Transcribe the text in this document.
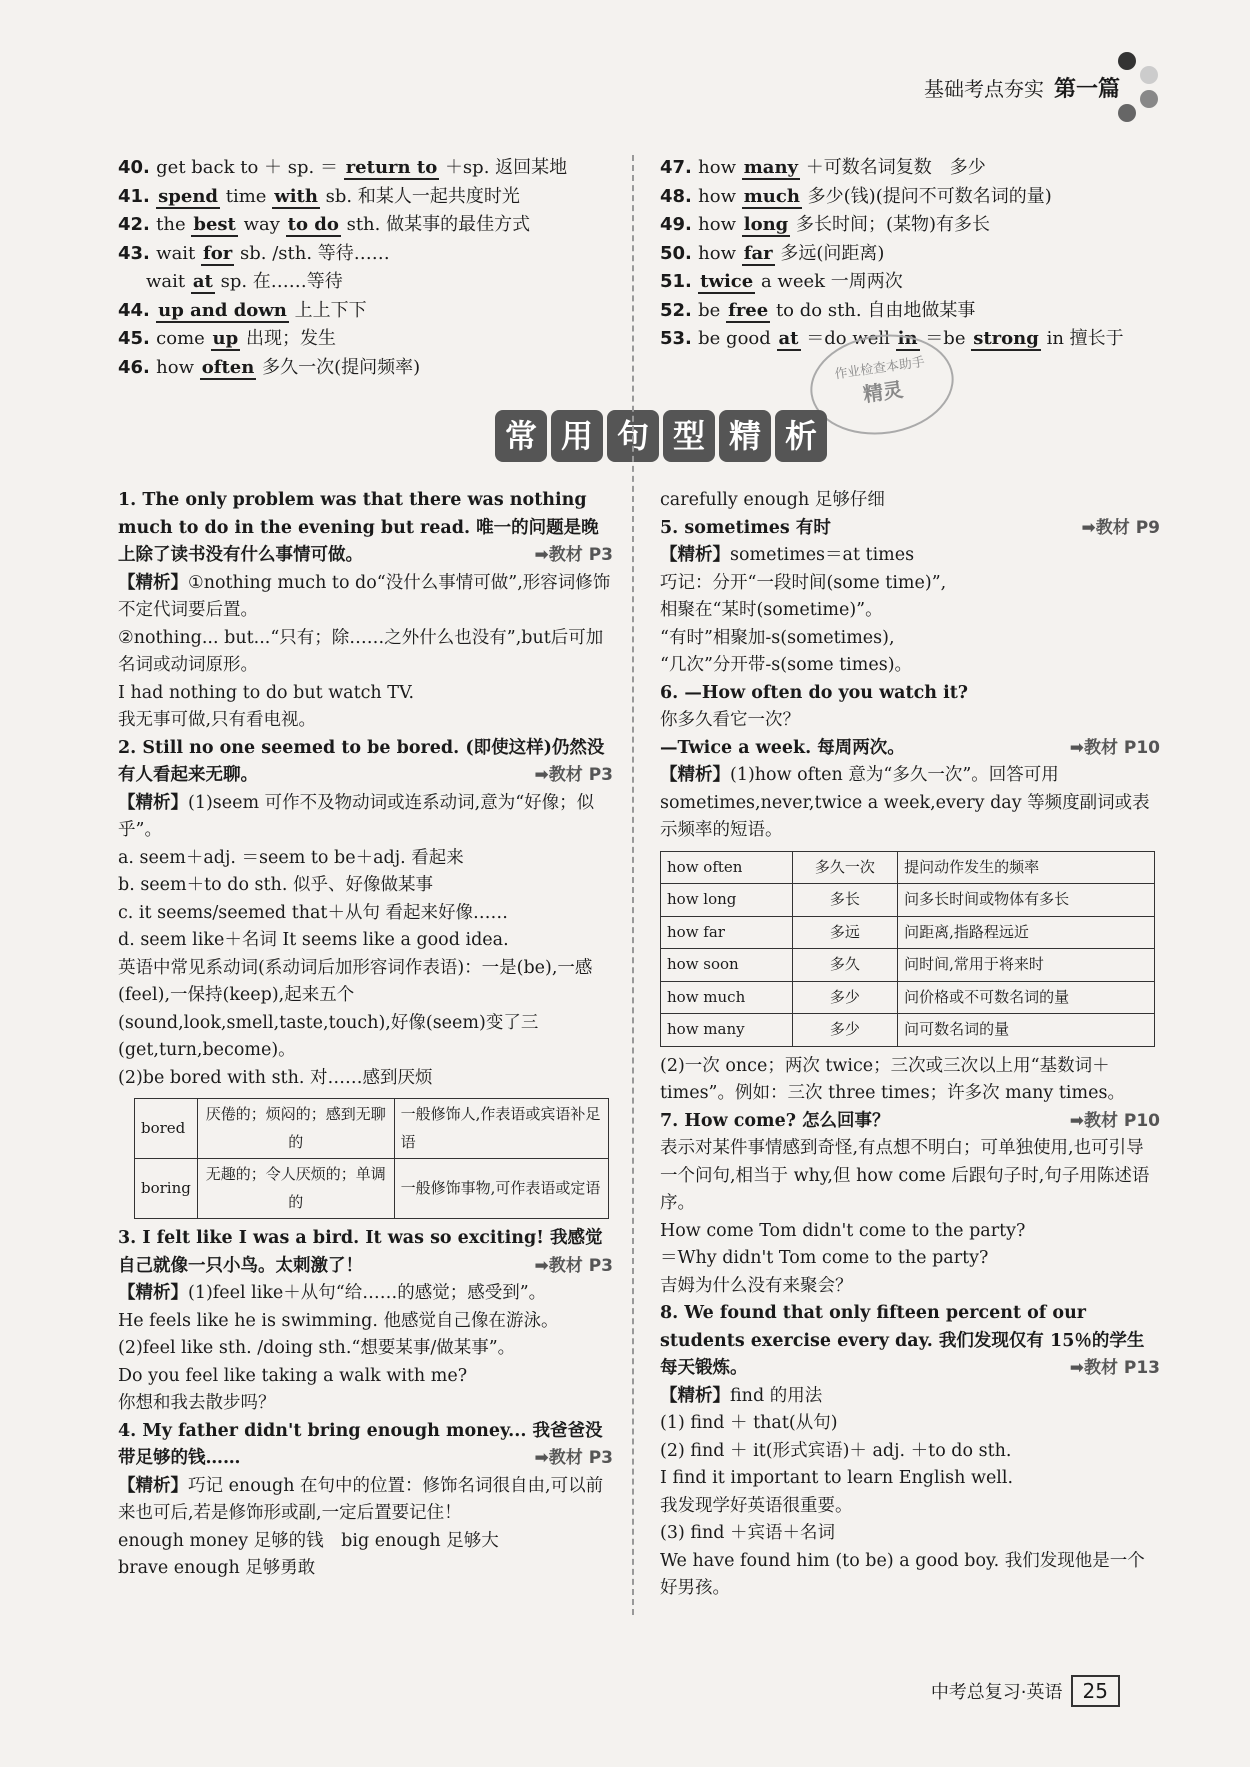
基础考点夯实 第一篇
40. get back to ＋ sp. ＝ return to ＋sp. 返回某地
41. spend time with sb. 和某人一起共度时光
42. the best way to do sth. 做某事的最佳方式
43. wait for sb. /sth. 等待……
wait at sp. 在……等待
44. up and down 上上下下
45. come up 出现；发生
46. how often 多久一次(提问频率)
47. how many ＋可数名词复数　多少
48. how much 多少(钱)(提问不可数名词的量)
49. how long 多长时间；(某物)有多长
50. how far 多远(问距离)
51. twice a week 一周两次
52. be free to do sth. 自由地做某事
53. be good at ＝do well in ＝be strong in 擅长于
作业检查本助手
精灵
常 用 句 型 精 析
1. The only problem was that there was nothing much to do in the evening but read. 唯一的问题是晚上除了读书没有什么事情可做。	➡教材 P3
【精析】①nothing much to do“没什么事情可做”,形容词修饰不定代词要后置。
②nothing... but...“只有；除……之外什么也没有”,but后可加名词或动词原形。
I had nothing to do but watch TV.
我无事可做,只有看电视。
2. Still no one seemed to be bored. (即使这样)仍然没有人看起来无聊。	➡教材 P3
【精析】(1)seem 可作不及物动词或连系动词,意为“好像；似乎”。
a. seem＋adj. ＝seem to be＋adj. 看起来
b. seem＋to do sth. 似乎、好像做某事
c. it seems/seemed that＋从句 看起来好像……
d. seem like＋名词 It seems like a good idea.
英语中常见系动词(系动词后加形容词作表语)：一是(be),一感(feel),一保持(keep),起来五个(sound,look,smell,taste,touch),好像(seem)变了三(get,turn,become)。
(2)be bored with sth. 对……感到厌烦
bored	厌倦的；烦闷的；感到无聊的	一般修饰人,作表语或宾语补足语
boring	无趣的；令人厌烦的；单调的	一般修饰事物,可作表语或定语
3. I felt like I was a bird. It was so exciting! 我感觉自己就像一只小鸟。太刺激了！	➡教材 P3
【精析】(1)feel like＋从句“给……的感觉；感受到”。
He feels like he is swimming. 他感觉自己像在游泳。
(2)feel like sth. /doing sth.“想要某事/做某事”。
Do you feel like taking a walk with me?
你想和我去散步吗？
4. My father didn't bring enough money... 我爸爸没带足够的钱……	➡教材 P3
【精析】巧记 enough 在句中的位置：修饰名词很自由,可以前来也可后,若是修饰形或副,一定后置要记住！
enough money 足够的钱　big enough 足够大
brave enough 足够勇敢
carefully enough 足够仔细
5. sometimes 有时	➡教材 P9
【精析】sometimes＝at times
巧记：分开“一段时间(some time)”,
相聚在“某时(sometime)”。
“有时”相聚加-s(sometimes),
“几次”分开带-s(some times)。
6. —How often do you watch it?
你多久看它一次？
—Twice a week. 每周两次。	➡教材 P10
【精析】(1)how often 意为“多久一次”。回答可用 sometimes,never,twice a week,every day 等频度副词或表示频率的短语。
how often	多久一次	提问动作发生的频率
how long	多长	问多长时间或物体有多长
how far	多远	问距离,指路程远近
how soon	多久	问时间,常用于将来时
how much	多少	问价格或不可数名词的量
how many	多少	问可数名词的量
(2)一次 once；两次 twice；三次或三次以上用“基数词＋times”。例如：三次 three times；许多次 many times。
7. How come? 怎么回事？	➡教材 P10
表示对某件事情感到奇怪,有点想不明白；可单独使用,也可引导一个问句,相当于 why,但 how come 后跟句子时,句子用陈述语序。
How come Tom didn't come to the party?
＝Why didn't Tom come to the party?
吉姆为什么没有来聚会？
8. We found that only fifteen percent of our students exercise every day. 我们发现仅有 15％的学生每天锻炼。	➡教材 P13
【精析】find 的用法
(1) find ＋ that(从句)
(2) find ＋ it(形式宾语)＋ adj. ＋to do sth.
I find it important to learn English well.
我发现学好英语很重要。
(3) find ＋宾语＋名词
We have found him (to be) a good boy. 我们发现他是一个好男孩。
中考总复习·英语 25
